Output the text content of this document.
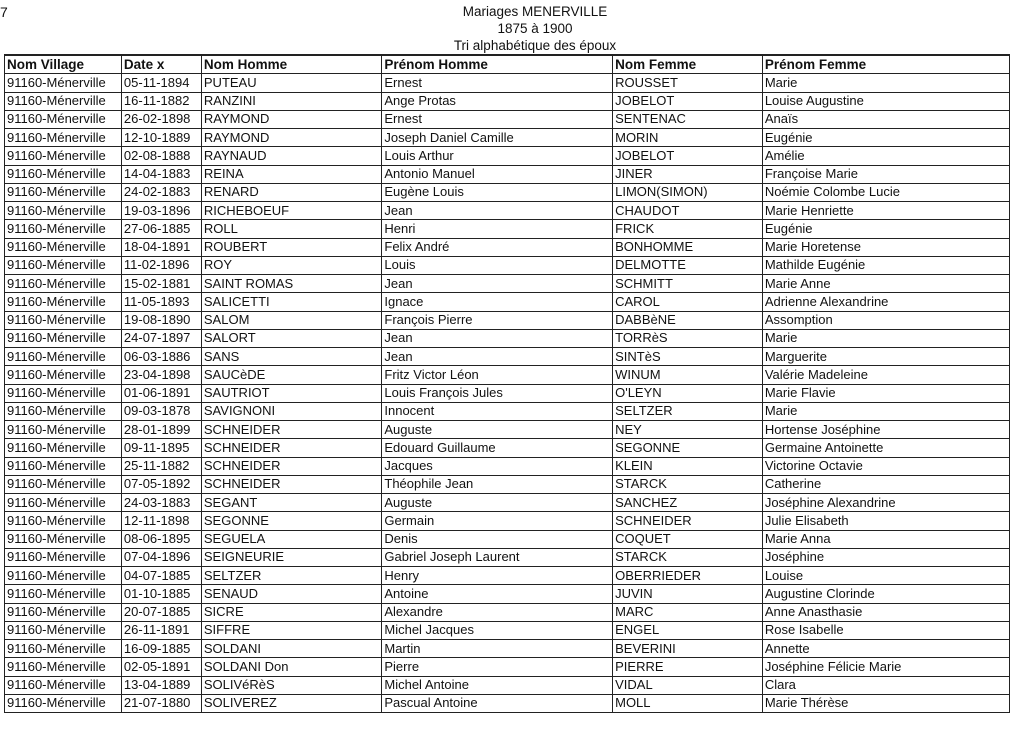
7	Mariages MENERVILLE
1875 à 1900
Tri alphabétique des époux
Nom Village	Date x	Nom Homme	Prénom Homme	Nom Femme	Prénom Femme
91160-Ménerville	05-11-1894	PUTEAU	Ernest	ROUSSET	Marie
91160-Ménerville	16-11-1882	RANZINI	Ange Protas	JOBELOT	Louise Augustine
91160-Ménerville	26-02-1898	RAYMOND	Ernest	SENTENAC	Anaïs
91160-Ménerville	12-10-1889	RAYMOND	Joseph Daniel Camille	MORIN	Eugénie
91160-Ménerville	02-08-1888	RAYNAUD	Louis Arthur	JOBELOT	Amélie
91160-Ménerville	14-04-1883	REINA	Antonio Manuel	JINER	Françoise Marie
91160-Ménerville	24-02-1883	RENARD	Eugène Louis	LIMON(SIMON)	Noémie Colombe Lucie
91160-Ménerville	19-03-1896	RICHEBOEUF	Jean	CHAUDOT	Marie Henriette
91160-Ménerville	27-06-1885	ROLL	Henri	FRICK	Eugénie
91160-Ménerville	18-04-1891	ROUBERT	Felix André	BONHOMME	Marie Horetense
91160-Ménerville	11-02-1896	ROY	Louis	DELMOTTE	Mathilde Eugénie
91160-Ménerville	15-02-1881	SAINT ROMAS	Jean	SCHMITT	Marie Anne
91160-Ménerville	11-05-1893	SALICETTI	Ignace	CAROL	Adrienne Alexandrine
91160-Ménerville	19-08-1890	SALOM	François Pierre	DABBèNE	Assomption
91160-Ménerville	24-07-1897	SALORT	Jean	TORRèS	Marie
91160-Ménerville	06-03-1886	SANS	Jean	SINTèS	Marguerite
91160-Ménerville	23-04-1898	SAUCèDE	Fritz Victor Léon	WINUM	Valérie Madeleine
91160-Ménerville	01-06-1891	SAUTRIOT	Louis François Jules	O'LEYN	Marie Flavie
91160-Ménerville	09-03-1878	SAVIGNONI	Innocent	SELTZER	Marie
91160-Ménerville	28-01-1899	SCHNEIDER	Auguste	NEY	Hortense Joséphine
91160-Ménerville	09-11-1895	SCHNEIDER	Edouard Guillaume	SEGONNE	Germaine Antoinette
91160-Ménerville	25-11-1882	SCHNEIDER	Jacques	KLEIN	Victorine Octavie
91160-Ménerville	07-05-1892	SCHNEIDER	Théophile Jean	STARCK	Catherine
91160-Ménerville	24-03-1883	SEGANT	Auguste	SANCHEZ	Joséphine Alexandrine
91160-Ménerville	12-11-1898	SEGONNE	Germain	SCHNEIDER	Julie Elisabeth
91160-Ménerville	08-06-1895	SEGUELA	Denis	COQUET	Marie Anna
91160-Ménerville	07-04-1896	SEIGNEURIE	Gabriel Joseph Laurent	STARCK	Joséphine
91160-Ménerville	04-07-1885	SELTZER	Henry	OBERRIEDER	Louise
91160-Ménerville	01-10-1885	SENAUD	Antoine	JUVIN	Augustine Clorinde
91160-Ménerville	20-07-1885	SICRE	Alexandre	MARC	Anne Anasthasie
91160-Ménerville	26-11-1891	SIFFRE	Michel Jacques	ENGEL	Rose Isabelle
91160-Ménerville	16-09-1885	SOLDANI	Martin	BEVERINI	Annette
91160-Ménerville	02-05-1891	SOLDANI Don	Pierre	PIERRE	Joséphine Félicie Marie
91160-Ménerville	13-04-1889	SOLIVéRèS	Michel Antoine	VIDAL	Clara
91160-Ménerville	21-07-1880	SOLIVEREZ	Pascual Antoine	MOLL	Marie Thérèse
